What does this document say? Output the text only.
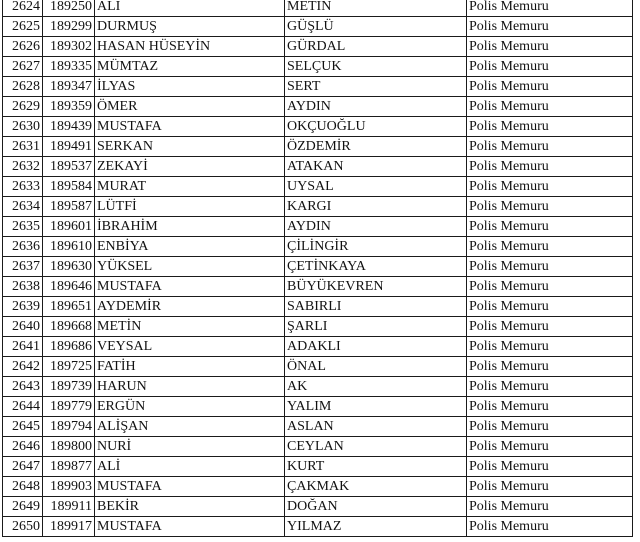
2624	189250	ALİ	METİN	Polis Memuru
2625	189299	DURMUŞ	GÜŞLÜ	Polis Memuru
2626	189302	HASAN HÜSEYİN	GÜRDAL	Polis Memuru
2627	189335	MÜMTAZ	SELÇUK	Polis Memuru
2628	189347	İLYAS	SERT	Polis Memuru
2629	189359	ÖMER	AYDIN	Polis Memuru
2630	189439	MUSTAFA	OKÇUOĞLU	Polis Memuru
2631	189491	SERKAN	ÖZDEMİR	Polis Memuru
2632	189537	ZEKAYİ	ATAKAN	Polis Memuru
2633	189584	MURAT	UYSAL	Polis Memuru
2634	189587	LÜTFİ	KARGI	Polis Memuru
2635	189601	İBRAHİM	AYDIN	Polis Memuru
2636	189610	ENBİYA	ÇİLİNGİR	Polis Memuru
2637	189630	YÜKSEL	ÇETİNKAYA	Polis Memuru
2638	189646	MUSTAFA	BÜYÜKEVREN	Polis Memuru
2639	189651	AYDEMİR	SABIRLI	Polis Memuru
2640	189668	METİN	ŞARLI	Polis Memuru
2641	189686	VEYSAL	ADAKLI	Polis Memuru
2642	189725	FATİH	ÖNAL	Polis Memuru
2643	189739	HARUN	AK	Polis Memuru
2644	189779	ERGÜN	YALIM	Polis Memuru
2645	189794	ALİŞAN	ASLAN	Polis Memuru
2646	189800	NURİ	CEYLAN	Polis Memuru
2647	189877	ALİ	KURT	Polis Memuru
2648	189903	MUSTAFA	ÇAKMAK	Polis Memuru
2649	189911	BEKİR	DOĞAN	Polis Memuru
2650	189917	MUSTAFA	YILMAZ	Polis Memuru
